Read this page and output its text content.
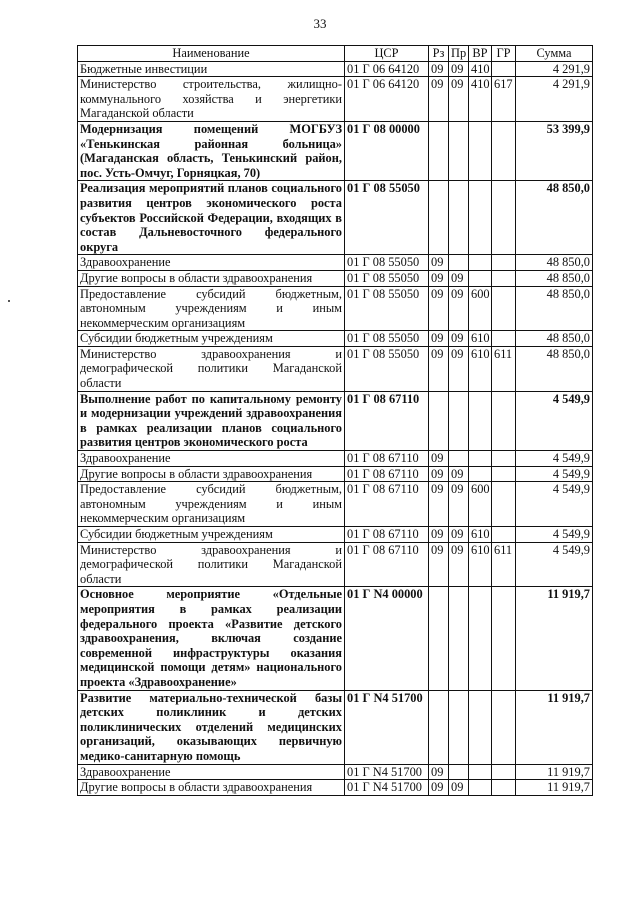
33
Наименование	ЦСР	Рз	Пр	ВР	ГР	Сумма
Бюджетные инвестиции	01 Г 06 64120	09	09	410		4 291,9
Министерство строительства, жилищно-коммунального хозяйства и энергетики Магаданской области	01 Г 06 64120	09	09	410	617	4 291,9
Модернизация помещений МОГБУЗ «Тенькинская районная больница» (Магаданская область, Тенькинский район, пос. Усть-Омчуг, Горняцкая, 70)	01 Г 08 00000					53 399,9
Реализация мероприятий планов социального развития центров экономического роста субъектов Российской Федерации, входящих в состав Дальневосточного федерального округа	01 Г 08 55050					48 850,0
Здравоохранение	01 Г 08 55050	09				48 850,0
Другие вопросы в области здравоохранения	01 Г 08 55050	09	09			48 850,0
Предоставление субсидий бюджетным, автономным учреждениям и иным некоммерческим организациям	01 Г 08 55050	09	09	600		48 850,0
Субсидии бюджетным учреждениям	01 Г 08 55050	09	09	610		48 850,0
Министерство здравоохранения и демографической политики Магаданской области	01 Г 08 55050	09	09	610	611	48 850,0
Выполнение работ по капитальному ремонту и модернизации учреждений здравоохранения в рамках реализации планов социального развития центров экономического роста	01 Г 08 67110					4 549,9
Здравоохранение	01 Г 08 67110	09				4 549,9
Другие вопросы в области здравоохранения	01 Г 08 67110	09	09			4 549,9
Предоставление субсидий бюджетным, автономным учреждениям и иным некоммерческим организациям	01 Г 08 67110	09	09	600		4 549,9
Субсидии бюджетным учреждениям	01 Г 08 67110	09	09	610		4 549,9
Министерство здравоохранения и демографической политики Магаданской области	01 Г 08 67110	09	09	610	611	4 549,9
Основное мероприятие «Отдельные мероприятия в рамках реализации федерального проекта «Развитие детского здравоохранения, включая создание современной инфраструктуры оказания медицинской помощи детям» национального проекта «Здравоохранение»	01 Г N4 00000					11 919,7
Развитие материально-технической базы детских поликлиник и детских поликлинических отделений медицинских организаций, оказывающих первичную медико-санитарную помощь	01 Г N4 51700					11 919,7
Здравоохранение	01 Г N4 51700	09				11 919,7
Другие вопросы в области здравоохранения	01 Г N4 51700	09	09			11 919,7
